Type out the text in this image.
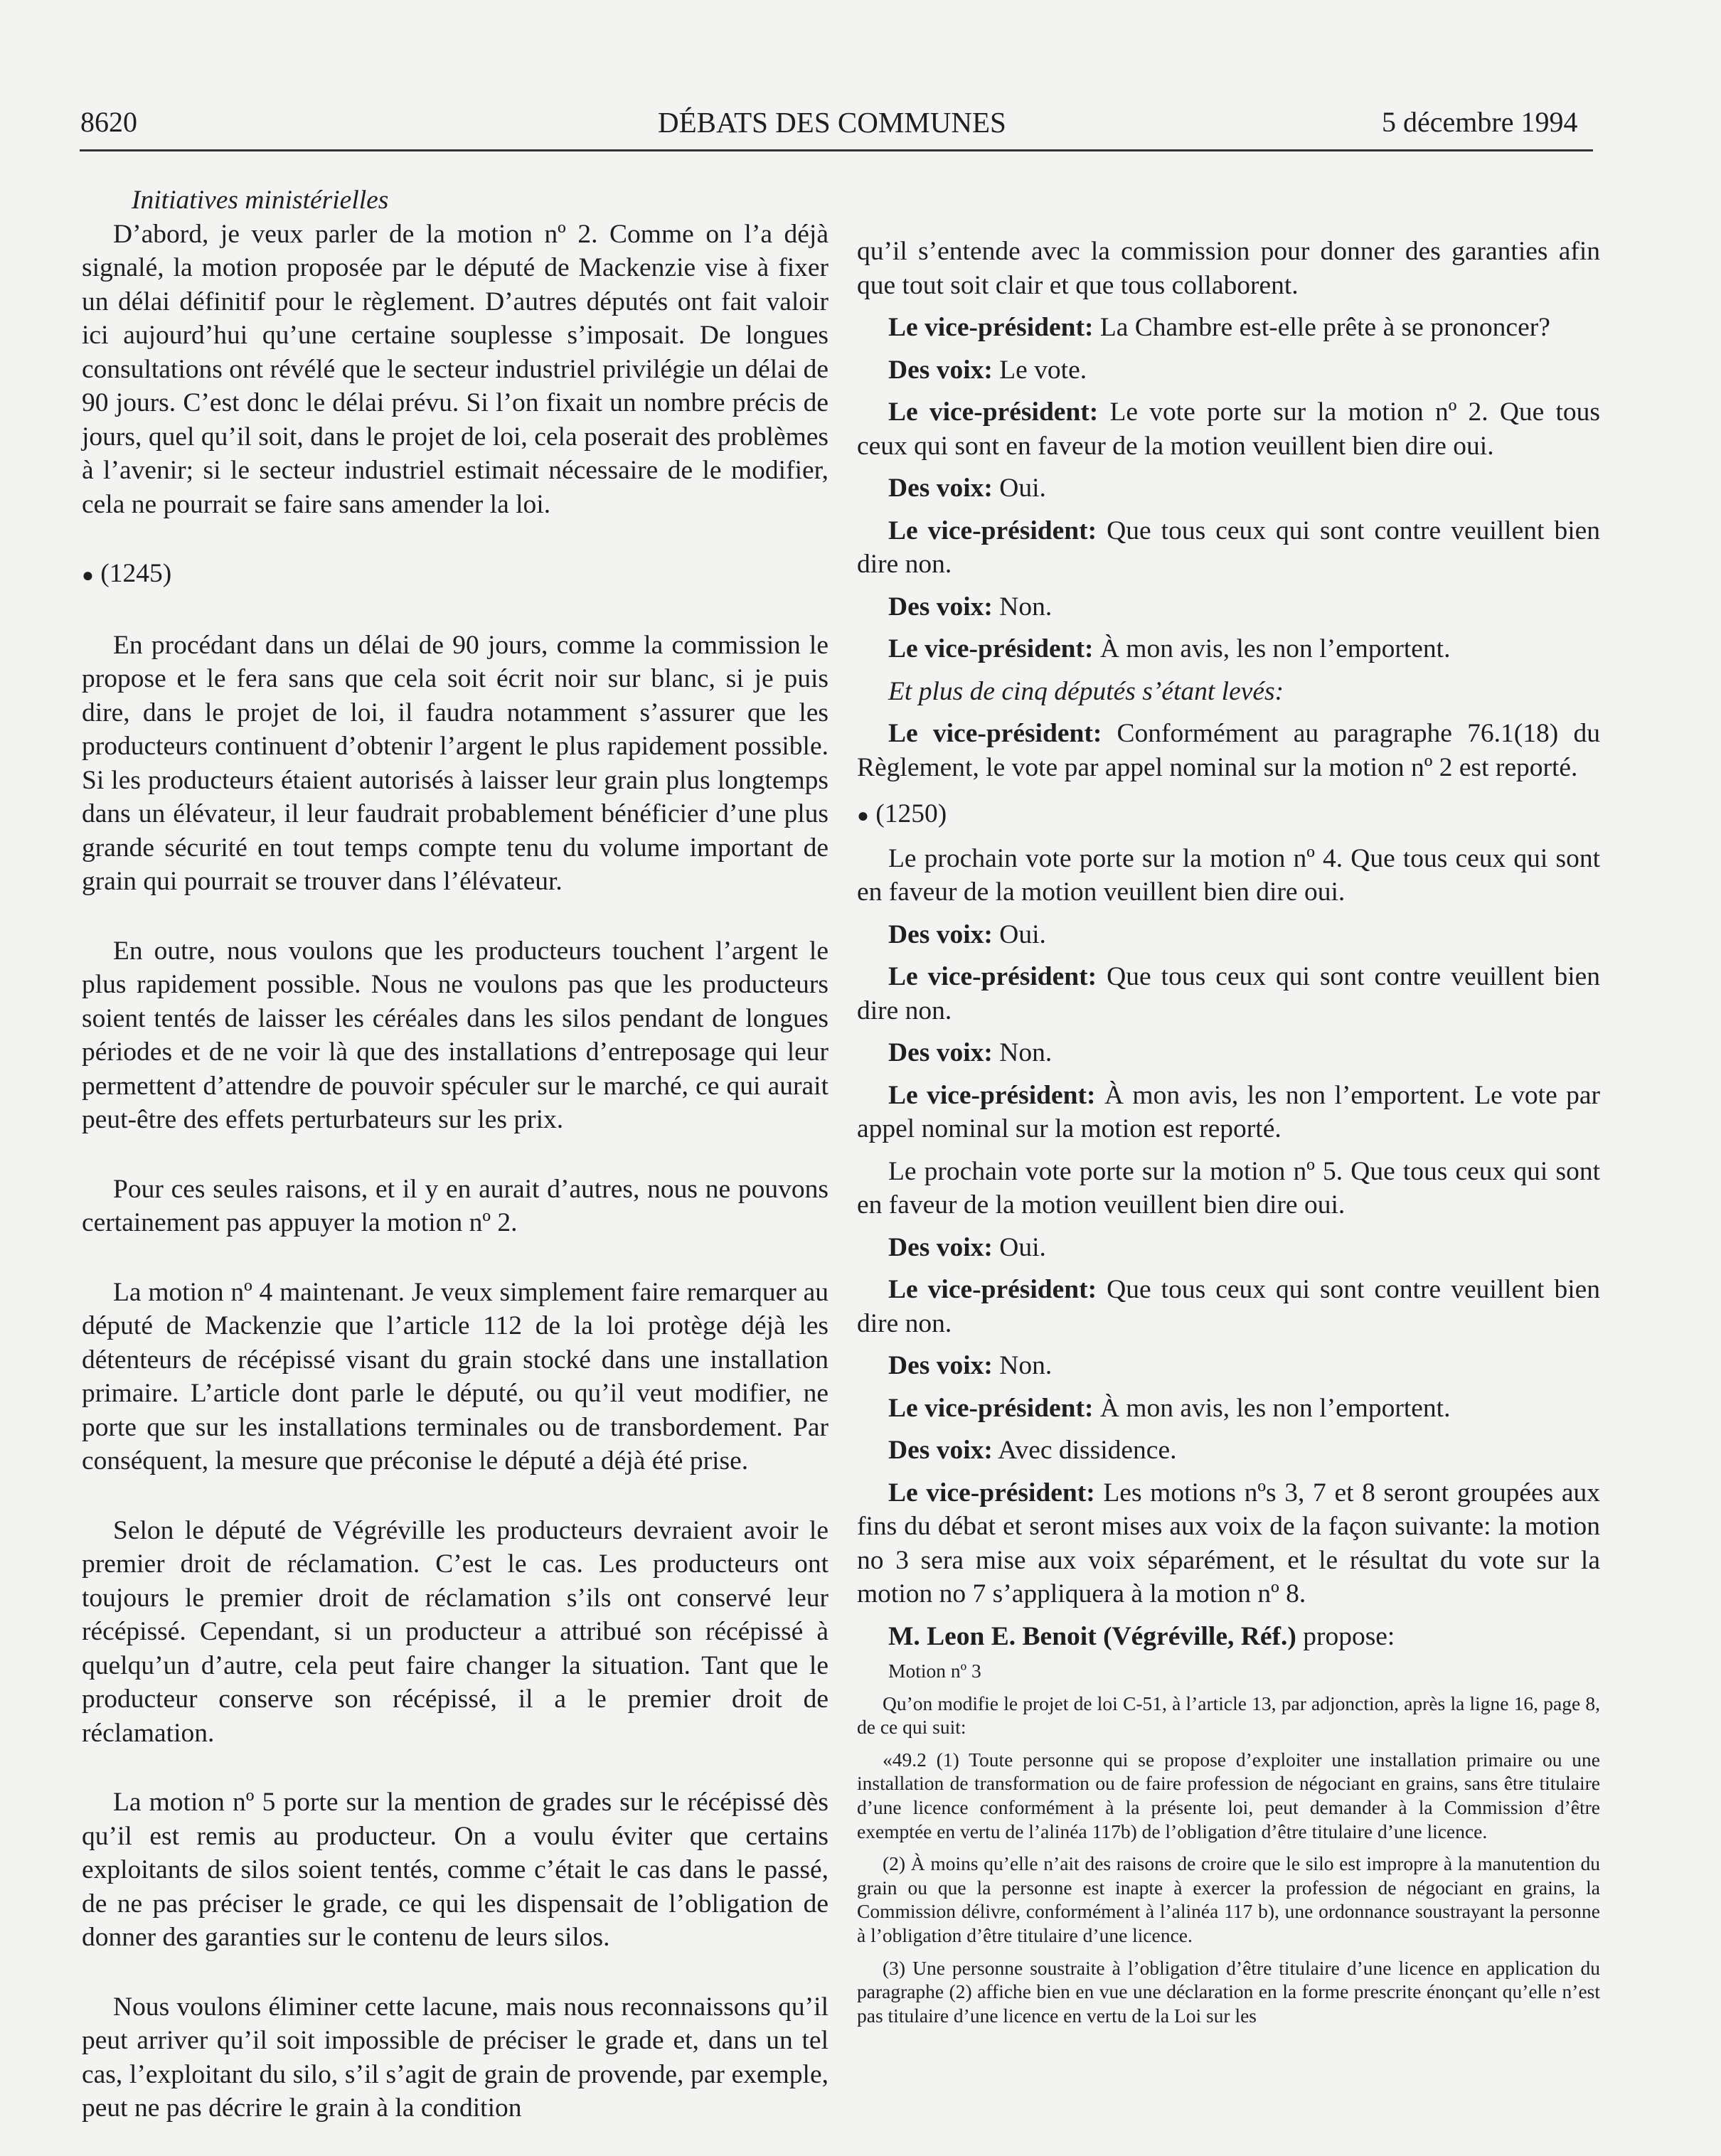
8620	DÉBATS DES COMMUNES	5 décembre 1994

Initiatives ministérielles

D’abord, je veux parler de la motion nº 2. Comme on l’a déjà signalé, la motion proposée par le député de Mackenzie vise à fixer un délai définitif pour le règlement. D’autres députés ont fait valoir ici aujourd’hui qu’une certaine souplesse s’imposait. De longues consultations ont révélé que le secteur industriel privilégie un délai de 90 jours. C’est donc le délai prévu. Si l’on fixait un nombre précis de jours, quel qu’il soit, dans le projet de loi, cela poserait des problèmes à l’avenir; si le secteur industriel estimait nécessaire de le modifier, cela ne pourrait se faire sans amender la loi.

● (1245)

En procédant dans un délai de 90 jours, comme la commission le propose et le fera sans que cela soit écrit noir sur blanc, si je puis dire, dans le projet de loi, il faudra notamment s’assurer que les producteurs continuent d’obtenir l’argent le plus rapidement possible. Si les producteurs étaient autorisés à laisser leur grain plus longtemps dans un élévateur, il leur faudrait probablement bénéficier d’une plus grande sécurité en tout temps compte tenu du volume important de grain qui pourrait se trouver dans l’élévateur.

En outre, nous voulons que les producteurs touchent l’argent le plus rapidement possible. Nous ne voulons pas que les producteurs soient tentés de laisser les céréales dans les silos pendant de longues périodes et de ne voir là que des installations d’entreposage qui leur permettent d’attendre de pouvoir spéculer sur le marché, ce qui aurait peut-être des effets perturbateurs sur les prix.

Pour ces seules raisons, et il y en aurait d’autres, nous ne pouvons certainement pas appuyer la motion nº 2.

La motion nº 4 maintenant. Je veux simplement faire remarquer au député de Mackenzie que l’article 112 de la loi protège déjà les détenteurs de récépissé visant du grain stocké dans une installation primaire. L’article dont parle le député, ou qu’il veut modifier, ne porte que sur les installations terminales ou de transbordement. Par conséquent, la mesure que préconise le député a déjà été prise.

Selon le député de Végréville les producteurs devraient avoir le premier droit de réclamation. C’est le cas. Les producteurs ont toujours le premier droit de réclamation s’ils ont conservé leur récépissé. Cependant, si un producteur a attribué son récépissé à quelqu’un d’autre, cela peut faire changer la situation. Tant que le producteur conserve son récépissé, il a le premier droit de réclamation.

La motion nº 5 porte sur la mention de grades sur le récépissé dès qu’il est remis au producteur. On a voulu éviter que certains exploitants de silos soient tentés, comme c’était le cas dans le passé, de ne pas préciser le grade, ce qui les dispensait de l’obligation de donner des garanties sur le contenu de leurs silos.

Nous voulons éliminer cette lacune, mais nous reconnaissons qu’il peut arriver qu’il soit impossible de préciser le grade et, dans un tel cas, l’exploitant du silo, s’il s’agit de grain de provende, par exemple, peut ne pas décrire le grain à la condition

qu’il s’entende avec la commission pour donner des garanties afin que tout soit clair et que tous collaborent.

Le vice-président: La Chambre est-elle prête à se prononcer?

Des voix: Le vote.

Le vice-président: Le vote porte sur la motion nº 2. Que tous ceux qui sont en faveur de la motion veuillent bien dire oui.

Des voix: Oui.

Le vice-président: Que tous ceux qui sont contre veuillent bien dire non.

Des voix: Non.

Le vice-président: À mon avis, les non l’emportent.

Et plus de cinq députés s’étant levés:

Le vice-président: Conformément au paragraphe 76.1(18) du Règlement, le vote par appel nominal sur la motion nº 2 est reporté.

● (1250)

Le prochain vote porte sur la motion nº 4. Que tous ceux qui sont en faveur de la motion veuillent bien dire oui.

Des voix: Oui.

Le vice-président: Que tous ceux qui sont contre veuillent bien dire non.

Des voix: Non.

Le vice-président: À mon avis, les non l’emportent. Le vote par appel nominal sur la motion est reporté.

Le prochain vote porte sur la motion nº 5. Que tous ceux qui sont en faveur de la motion veuillent bien dire oui.

Des voix: Oui.

Le vice-président: Que tous ceux qui sont contre veuillent bien dire non.

Des voix: Non.

Le vice-président: À mon avis, les non l’emportent.

Des voix: Avec dissidence.

Le vice-président: Les motions nºs 3, 7 et 8 seront groupées aux fins du débat et seront mises aux voix de la façon suivante: la motion no 3 sera mise aux voix séparément, et le résultat du vote sur la motion no 7 s’appliquera à la motion nº 8.

M. Leon E. Benoit (Végréville, Réf.) propose:

Motion nº 3

Qu’on modifie le projet de loi C-51, à l’article 13, par adjonction, après la ligne 16, page 8, de ce qui suit:

«49.2 (1) Toute personne qui se propose d’exploiter une installation primaire ou une installation de transformation ou de faire profession de négociant en grains, sans être titulaire d’une licence conformément à la présente loi, peut demander à la Commission d’être exemptée en vertu de l’alinéa 117b) de l’obligation d’être titulaire d’une licence.

(2) À moins qu’elle n’ait des raisons de croire que le silo est impropre à la manutention du grain ou que la personne est inapte à exercer la profession de négociant en grains, la Commission délivre, conformément à l’alinéa 117 b), une ordonnance soustrayant la personne à l’obligation d’être titulaire d’une licence.

(3) Une personne soustraite à l’obligation d’être titulaire d’une licence en application du paragraphe (2) affiche bien en vue une déclaration en la forme prescrite énonçant qu’elle n’est pas titulaire d’une licence en vertu de la Loi sur les
